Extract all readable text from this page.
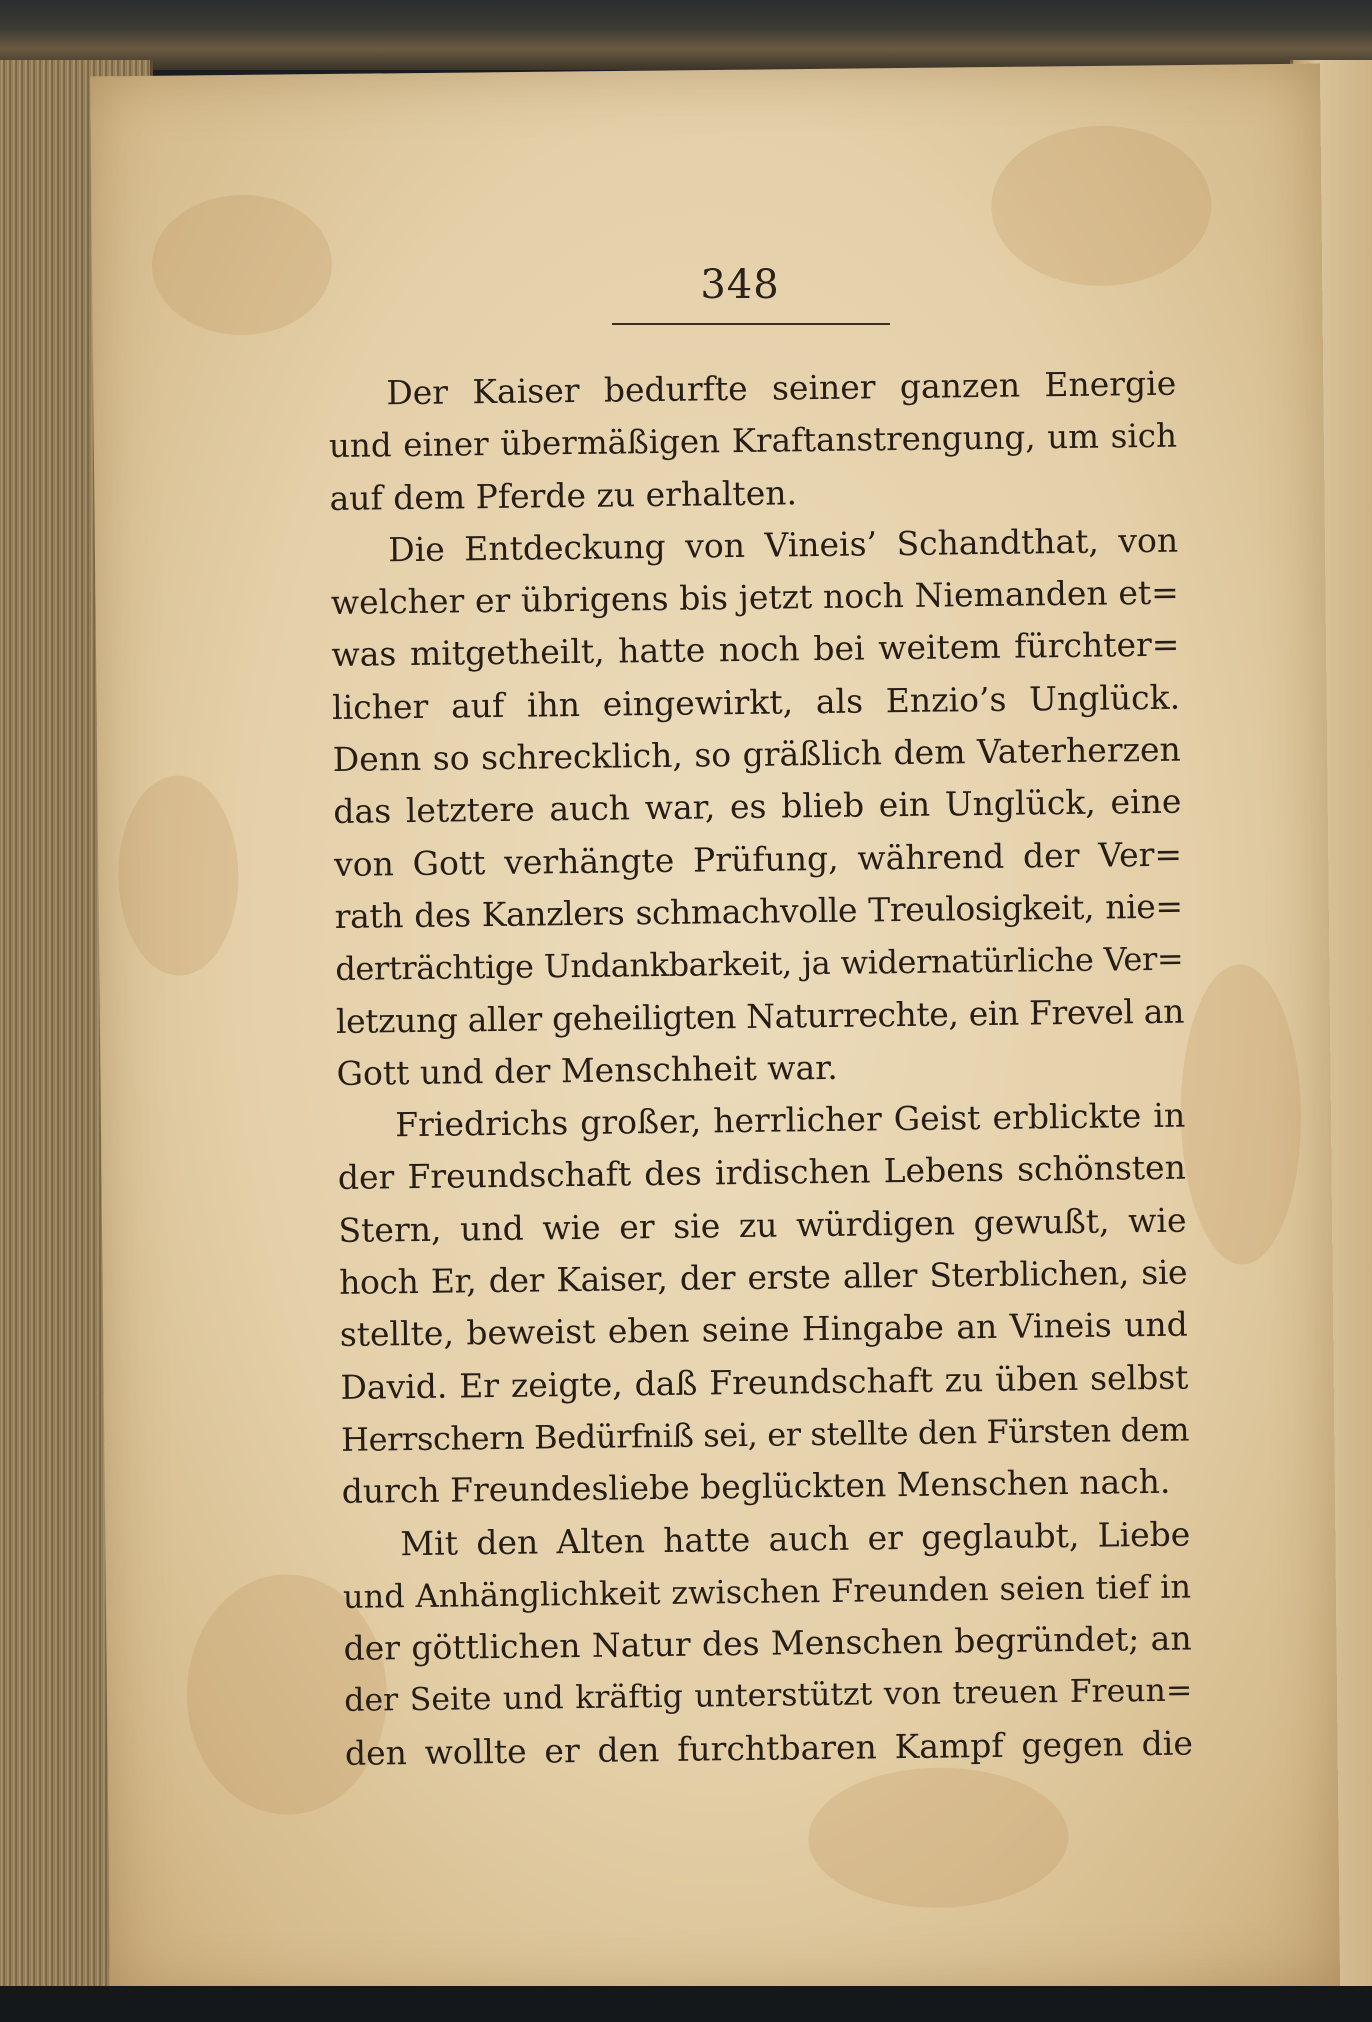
348
Der Kaiser bedurfte seiner ganzen Energie
und einer übermäßigen Kraftanstrengung, um sich
auf dem Pferde zu erhalten.
Die Entdeckung von Vineis’ Schandthat, von
welcher er übrigens bis jetzt noch Niemanden et=
was mitgetheilt, hatte noch bei weitem fürchter=
licher auf ihn eingewirkt, als Enzio’s Unglück.
Denn so schrecklich, so gräßlich dem Vaterherzen
das letztere auch war, es blieb ein Unglück, eine
von Gott verhängte Prüfung, während der Ver=
rath des Kanzlers schmachvolle Treulosigkeit, nie=
derträchtige Undankbarkeit, ja widernatürliche Ver=
letzung aller geheiligten Naturrechte, ein Frevel an
Gott und der Menschheit war.
Friedrichs großer, herrlicher Geist erblickte in
der Freundschaft des irdischen Lebens schönsten
Stern, und wie er sie zu würdigen gewußt, wie
hoch Er, der Kaiser, der erste aller Sterblichen, sie
stellte, beweist eben seine Hingabe an Vineis und
David. Er zeigte, daß Freundschaft zu üben selbst
Herrschern Bedürfniß sei, er stellte den Fürsten dem
durch Freundesliebe beglückten Menschen nach.
Mit den Alten hatte auch er geglaubt, Liebe
und Anhänglichkeit zwischen Freunden seien tief in
der göttlichen Natur des Menschen begründet; an
der Seite und kräftig unterstützt von treuen Freun=
den wollte er den furchtbaren Kampf gegen die
